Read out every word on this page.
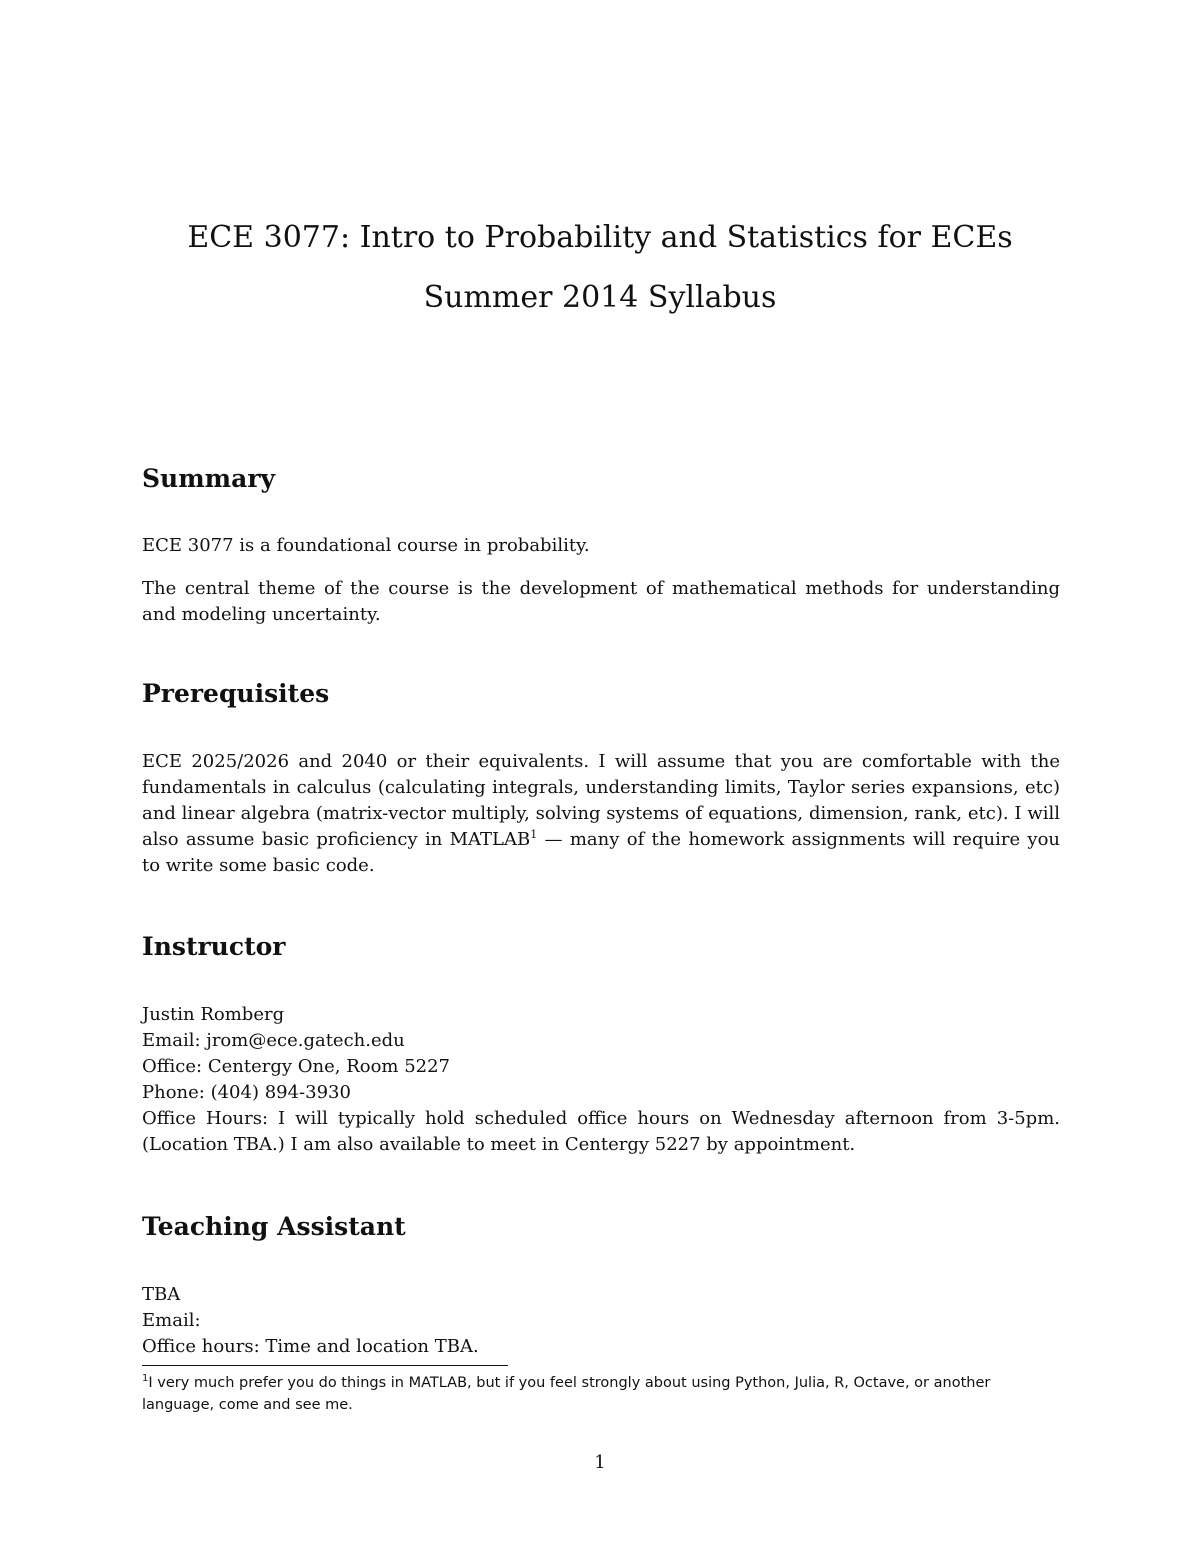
ECE 3077: Intro to Probability and Statistics for ECEs
Summer 2014 Syllabus
Summary

ECE 3077 is a foundational course in probability.

The central theme of the course is the development of mathematical methods for understanding and modeling uncertainty.

Prerequisites

ECE 2025/2026 and 2040 or their equivalents. I will assume that you are comfortable with the fundamentals in calculus (calculating integrals, understanding limits, Taylor series expansions, etc) and linear algebra (matrix-vector multiply, solving systems of equations, dimension, rank, etc). I will also assume basic proficiency in MATLAB$^1$ — many of the homework assignments will require you to write some basic code.

Instructor

Justin Romberg

Email: jrom@ece.gatech.edu

Office: Centergy One, Room 5227

Phone: (404) 894-3930

Office Hours: I will typically hold scheduled office hours on Wednesday afternoon from 3-5pm.

(Location TBA.) I am also available to meet in Centergy 5227 by appointment.

Teaching Assistant

TBA

Email:

Office hours: Time and location TBA.

$^1$I very much prefer you do things in MATLAB, but if you feel strongly about using Python, Julia, R, Octave, or another language, come and see me.

1
